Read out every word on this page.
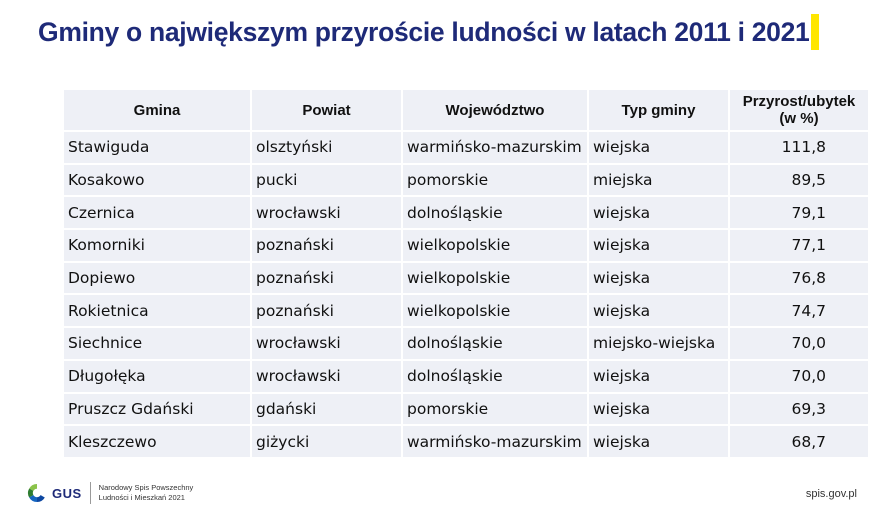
Gminy o największym przyroście ludności w latach 2011 i 2021
Gmina	Powiat	Województwo	Typ gminy	Przyrost/ubytek
(w %)
Stawiguda	olsztyński	warmińsko-mazurskim	wiejska	111,8
Kosakowo	pucki	pomorskie	miejska	89,5
Czernica	wrocławski	dolnośląskie	wiejska	79,1
Komorniki	poznański	wielkopolskie	wiejska	77,1
Dopiewo	poznański	wielkopolskie	wiejska	76,8
Rokietnica	poznański	wielkopolskie	wiejska	74,7
Siechnice	wrocławski	dolnośląskie	miejsko-wiejska	70,0
Długołęka	wrocławski	dolnośląskie	wiejska	70,0
Pruszcz Gdański	gdański	pomorskie	wiejska	69,3
Kleszczewo	giżycki	warmińsko-mazurskim	wiejska	68,7
GUS Narodowy Spis Powszechny
Ludności i Mieszkań 2021	spis.gov.pl
